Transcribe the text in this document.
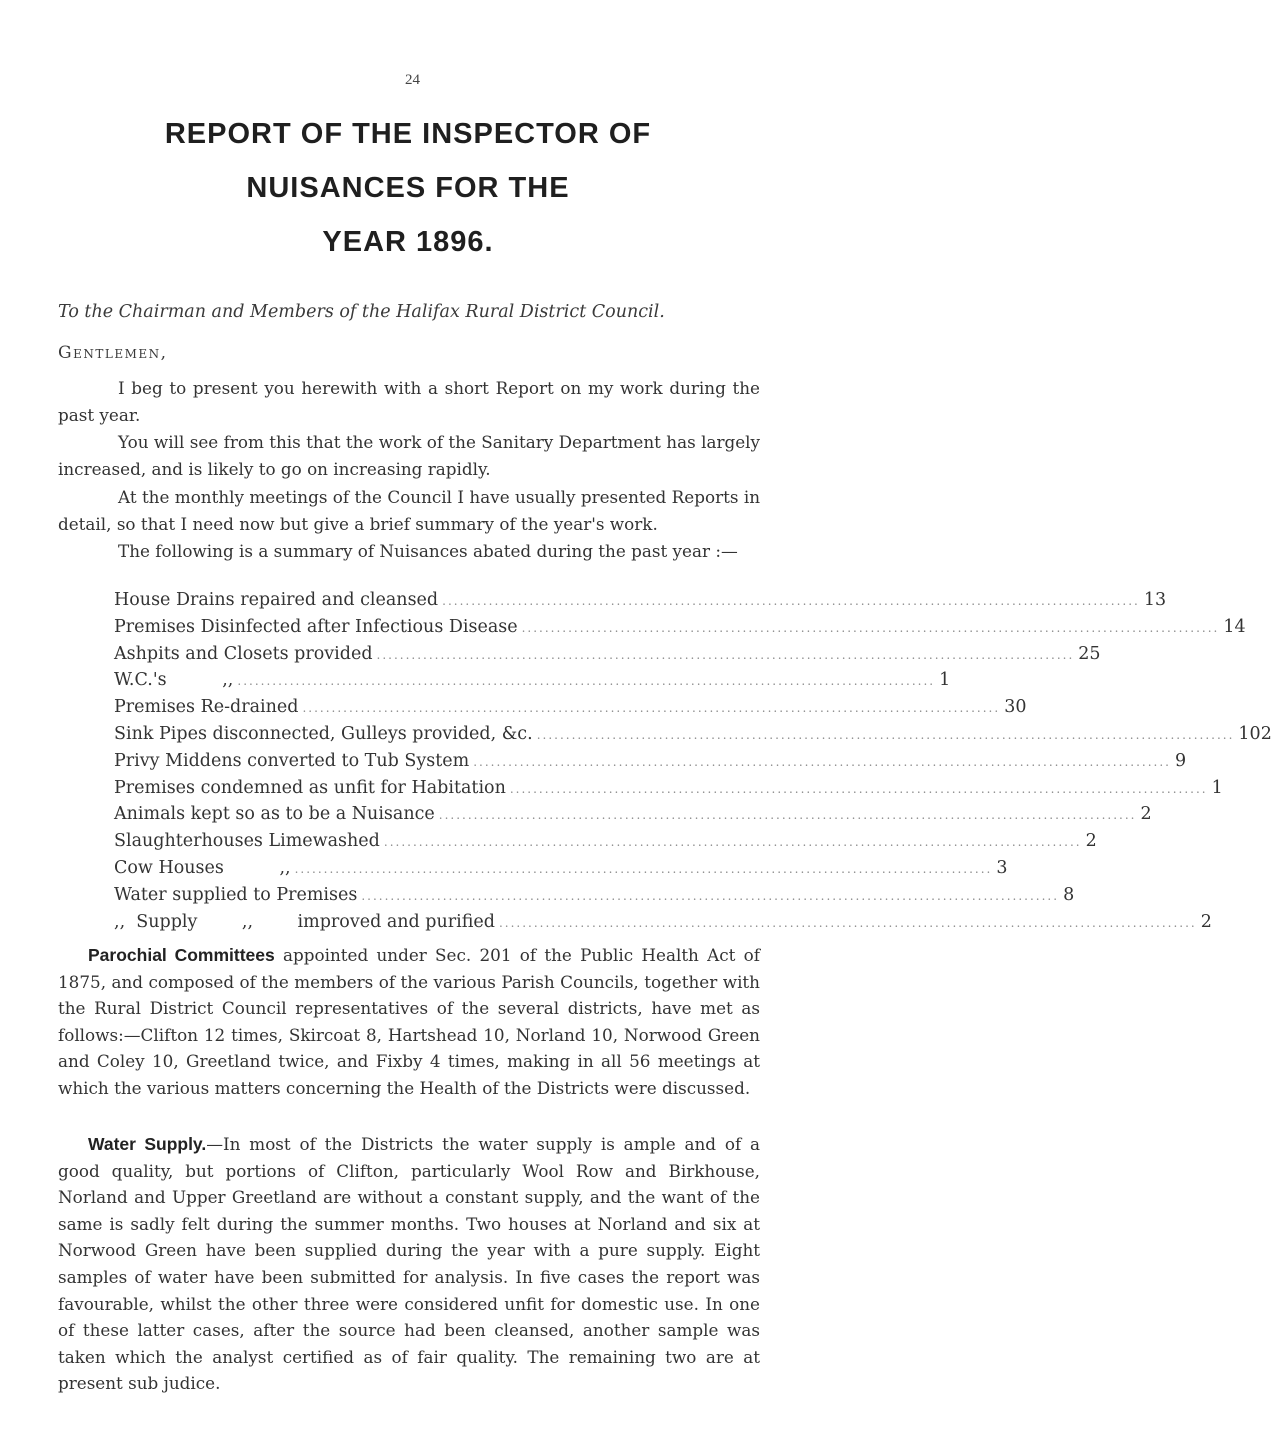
24
REPORT OF THE INSPECTOR OF
NUISANCES FOR THE
YEAR 1896.
To the Chairman and Members of the Halifax Rural District Council.
Gentlemen,
I beg to present you herewith with a short Report on my work during the past year.
You will see from this that the work of the Sanitary Department has largely increased, and is likely to go on increasing rapidly.
At the monthly meetings of the Council I have usually presented Reports in detail, so that I need now but give a brief summary of the year's work.
The following is a summary of Nuisances abated during the past year :—
House Drains repaired and cleansed ........................................................................................................................ 13
Premises Disinfected after Infectious Disease ........................................................................................................................ 14
Ashpits and Closets provided ........................................................................................................................ 25
W.C.'s          ,, ........................................................................................................................ 1
Premises Re-drained ........................................................................................................................ 30
Sink Pipes disconnected, Gulleys provided, &c. ........................................................................................................................ 102
Privy Middens converted to Tub System ........................................................................................................................ 9
Premises condemned as unfit for Habitation ........................................................................................................................ 1
Animals kept so as to be a Nuisance ........................................................................................................................ 2
Slaughterhouses Limewashed ........................................................................................................................ 2
Cow Houses          ,, ........................................................................................................................ 3
Water supplied to Premises ........................................................................................................................ 8
,,  Supply        ,,        improved and purified ........................................................................................................................ 2
Parochial Committees appointed under Sec. 201 of the Public Health Act of 1875, and composed of the members of the various Parish Councils, together with the Rural District Council representatives of the several districts, have met as follows:—Clifton 12 times, Skircoat 8, Hartshead 10, Norland 10, Norwood Green and Coley 10, Greetland twice, and Fixby 4 times, making in all 56 meetings at which the various matters concerning the Health of the Districts were discussed.
Water Supply.—In most of the Districts the water supply is ample and of a good quality, but portions of Clifton, particularly Wool Row and Birkhouse, Norland and Upper Greetland are without a constant supply, and the want of the same is sadly felt during the summer months. Two houses at Norland and six at Norwood Green have been supplied during the year with a pure supply. Eight samples of water have been submitted for analysis. In five cases the report was favourable, whilst the other three were considered unfit for domestic use. In one of these latter cases, after the source had been cleansed, another sample was taken which the analyst certified as of fair quality. The remaining two are at present sub judice.
